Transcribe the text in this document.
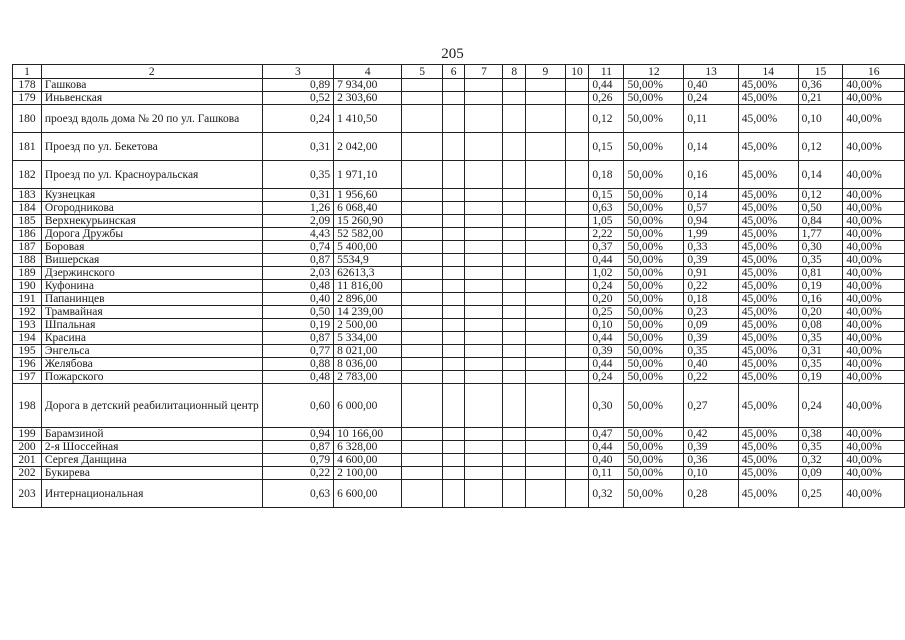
205
1	2	3	4	5	6	7	8	9	10	11	12	13	14	15	16
178	Гашкова	0,89	7 934,00							0,44	50,00%	0,40	45,00%	0,36	40,00%
179	Иньвенская	0,52	2 303,60							0,26	50,00%	0,24	45,00%	0,21	40,00%
180	проезд вдоль дома № 20 по ул. Гашкова	0,24	1 410,50							0,12	50,00%	0,11	45,00%	0,10	40,00%
181	Проезд по ул. Бекетова	0,31	2 042,00							0,15	50,00%	0,14	45,00%	0,12	40,00%
182	Проезд по ул. Красноуральская	0,35	1 971,10							0,18	50,00%	0,16	45,00%	0,14	40,00%
183	Кузнецкая	0,31	1 956,60							0,15	50,00%	0,14	45,00%	0,12	40,00%
184	Огородникова	1,26	6 068,40							0,63	50,00%	0,57	45,00%	0,50	40,00%
185	Верхнекурьинская	2,09	15 260,90							1,05	50,00%	0,94	45,00%	0,84	40,00%
186	Дорога Дружбы	4,43	52 582,00							2,22	50,00%	1,99	45,00%	1,77	40,00%
187	Боровая	0,74	5 400,00							0,37	50,00%	0,33	45,00%	0,30	40,00%
188	Вишерская	0,87	5534,9							0,44	50,00%	0,39	45,00%	0,35	40,00%
189	Дзержинского	2,03	62613,3							1,02	50,00%	0,91	45,00%	0,81	40,00%
190	Куфонина	0,48	11 816,00							0,24	50,00%	0,22	45,00%	0,19	40,00%
191	Папанинцев	0,40	2 896,00							0,20	50,00%	0,18	45,00%	0,16	40,00%
192	Трамвайная	0,50	14 239,00							0,25	50,00%	0,23	45,00%	0,20	40,00%
193	Шпальная	0,19	2 500,00							0,10	50,00%	0,09	45,00%	0,08	40,00%
194	Красина	0,87	5 334,00							0,44	50,00%	0,39	45,00%	0,35	40,00%
195	Энгельса	0,77	8 021,00							0,39	50,00%	0,35	45,00%	0,31	40,00%
196	Желябова	0,88	8 036,00							0,44	50,00%	0,40	45,00%	0,35	40,00%
197	Пожарского	0,48	2 783,00							0,24	50,00%	0,22	45,00%	0,19	40,00%
198	Дорога в детский реабилитационный центр	0,60	6 000,00							0,30	50,00%	0,27	45,00%	0,24	40,00%
199	Барамзиной	0,94	10 166,00							0,47	50,00%	0,42	45,00%	0,38	40,00%
200	2-я Шоссейная	0,87	6 328,00							0,44	50,00%	0,39	45,00%	0,35	40,00%
201	Сергея Данщина	0,79	4 600,00							0,40	50,00%	0,36	45,00%	0,32	40,00%
202	Букирева	0,22	2 100,00							0,11	50,00%	0,10	45,00%	0,09	40,00%
203	Интернациональная	0,63	6 600,00							0,32	50,00%	0,28	45,00%	0,25	40,00%
